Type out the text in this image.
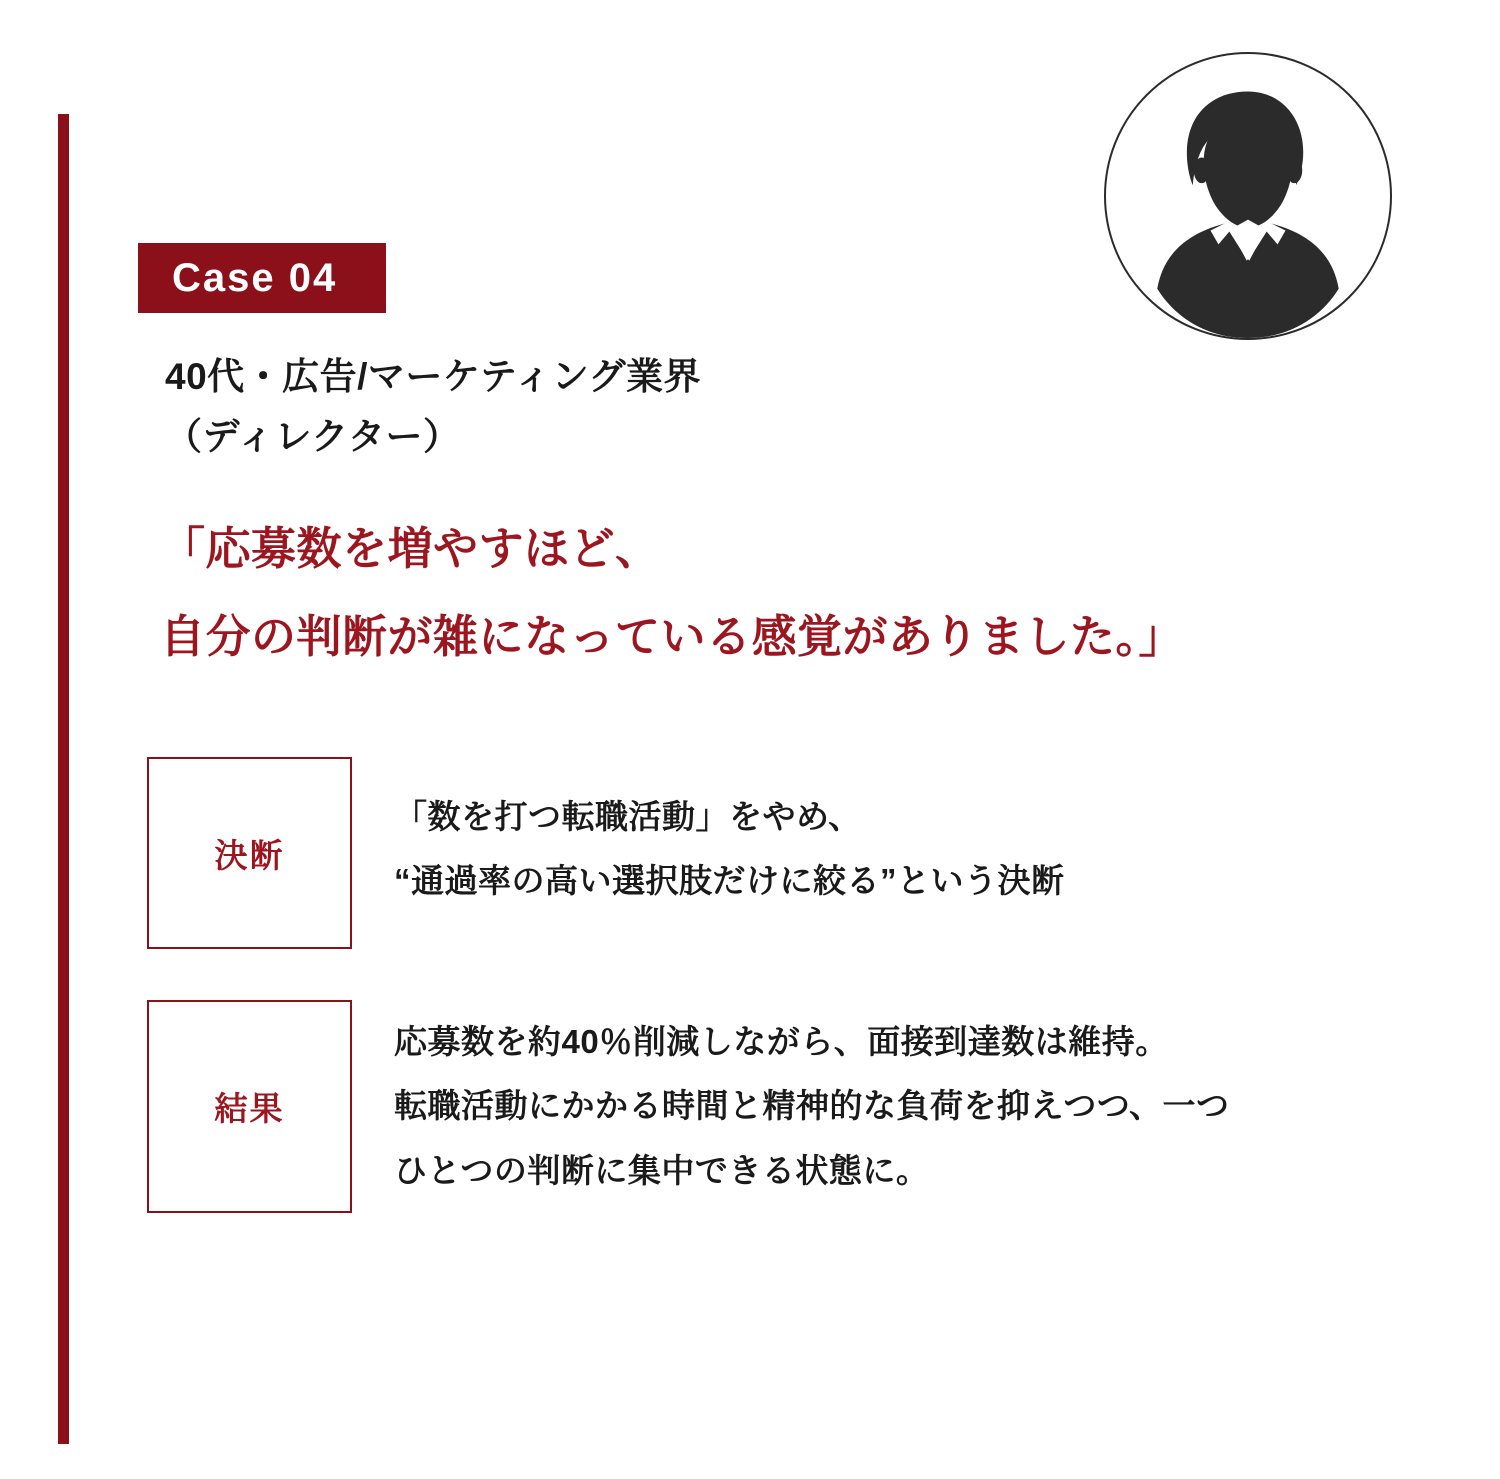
Case 04
40代・広告/マーケティング業界
（ディレクター）
「応募数を増やすほど、
自分の判断が雑になっている感覚がありました。」
決断
「数を打つ転職活動」をやめ、
“通過率の高い選択肢だけに絞る”という決断
結果
応募数を約40％削減しながら、面接到達数は維持。
転職活動にかかる時間と精神的な負荷を抑えつつ、一つ
ひとつの判断に集中できる状態に。
